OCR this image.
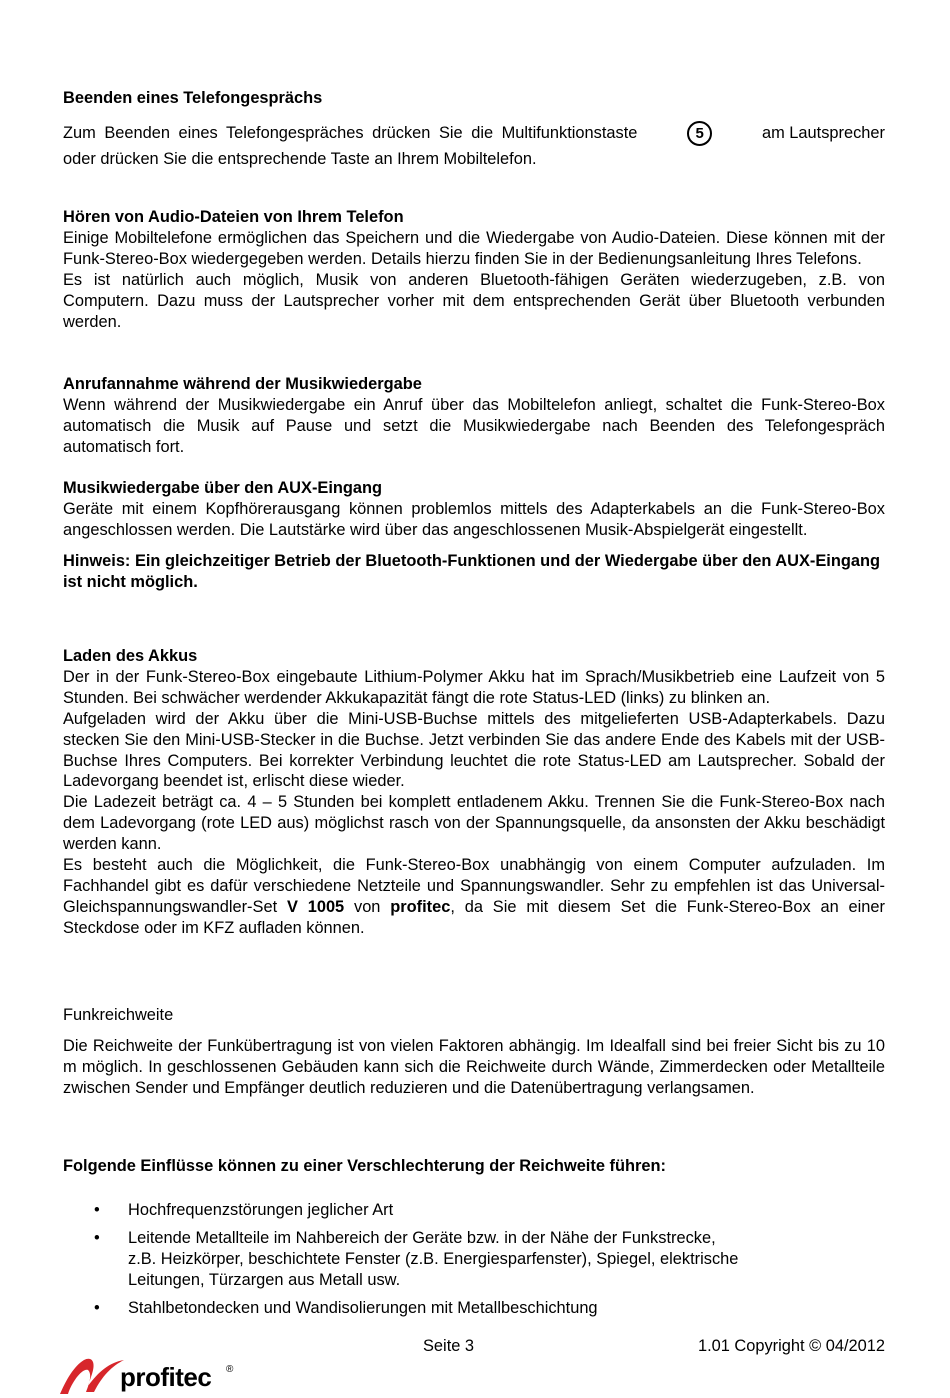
Beenden eines Telefongesprächs

Zum Beenden eines Telefongespräches drücken Sie die Multifunktionstaste	5	am Lautsprecher

oder drücken Sie die entsprechende Taste an Ihrem Mobiltelefon.

Hören von Audio-Dateien von Ihrem Telefon

Einige Mobiltelefone ermöglichen das Speichern und die Wiedergabe von Audio-Dateien. Diese können mit der Funk-Stereo-Box wiedergegeben werden. Details hierzu finden Sie in der Bedienungsanleitung Ihres Telefons.

Es ist natürlich auch möglich, Musik von anderen Bluetooth-fähigen Geräten wiederzugeben, z.B. von Computern. Dazu muss der Lautsprecher vorher mit dem entsprechenden Gerät über Bluetooth verbunden werden.

Anrufannahme während der Musikwiedergabe

Wenn während der Musikwiedergabe ein Anruf über das Mobiltelefon anliegt, schaltet die Funk-Stereo-Box automatisch die Musik auf Pause und setzt die Musikwiedergabe nach Beenden des Telefongespräch automatisch fort.

Musikwiedergabe über den AUX-Eingang

Geräte mit einem Kopfhörerausgang können problemlos mittels des Adapterkabels an die Funk-Stereo-Box angeschlossen werden. Die Lautstärke wird über das angeschlossenen Musik-Abspielgerät eingestellt.

Hinweis: Ein gleichzeitiger Betrieb der Bluetooth-Funktionen und der Wiedergabe über den AUX-Eingang ist nicht möglich.

Laden des Akkus

Der in der Funk-Stereo-Box eingebaute Lithium-Polymer Akku hat im Sprach/Musikbetrieb eine Laufzeit von 5 Stunden. Bei schwächer werdender Akkukapazität fängt die rote Status-LED (links) zu blinken an.

Aufgeladen wird der Akku über die Mini-USB-Buchse mittels des mitgelieferten USB-Adapterkabels. Dazu stecken Sie den Mini-USB-Stecker in die Buchse. Jetzt verbinden Sie das andere Ende des Kabels mit der USB-Buchse Ihres Computers. Bei korrekter Verbindung leuchtet die rote Status-LED am Lautsprecher. Sobald der Ladevorgang beendet ist, erlischt diese wieder.

Die Ladezeit beträgt ca. 4 – 5 Stunden bei komplett entladenem Akku. Trennen Sie die Funk-Stereo-Box nach dem Ladevorgang (rote LED aus) möglichst rasch von der Spannungsquelle, da ansonsten der Akku beschädigt werden kann.

Es besteht auch die Möglichkeit, die Funk-Stereo-Box unabhängig von einem Computer aufzuladen. Im Fachhandel gibt es dafür verschiedene Netzteile und Spannungswandler. Sehr zu empfehlen ist das Universal-Gleichspannungswandler-Set V 1005 von profitec, da Sie mit diesem Set die Funk-Stereo-Box an einer Steckdose oder im KFZ aufladen können.

Funkreichweite

Die Reichweite der Funkübertragung ist von vielen Faktoren abhängig. Im Idealfall sind bei freier Sicht bis zu 10 m möglich. In geschlossenen Gebäuden kann sich die Reichweite durch Wände, Zimmerdecken oder Metallteile zwischen Sender und Empfänger deutlich reduzieren und die Datenübertragung verlangsamen.

Folgende Einflüsse können zu einer Verschlechterung der Reichweite führen:

• Hochfrequenzstörungen jeglicher Art
• Leitende Metallteile im Nahbereich der Geräte bzw. in der Nähe der Funkstrecke,
z.B. Heizkörper, beschichtete Fenster (z.B. Energiesparfenster), Spiegel, elektrische
Leitungen, Türzargen aus Metall usw.
• Stahlbetondecken und Wandisolierungen mit Metallbeschichtung
Seite 3	1.01 Copyright © 04/2012
profitec ®
